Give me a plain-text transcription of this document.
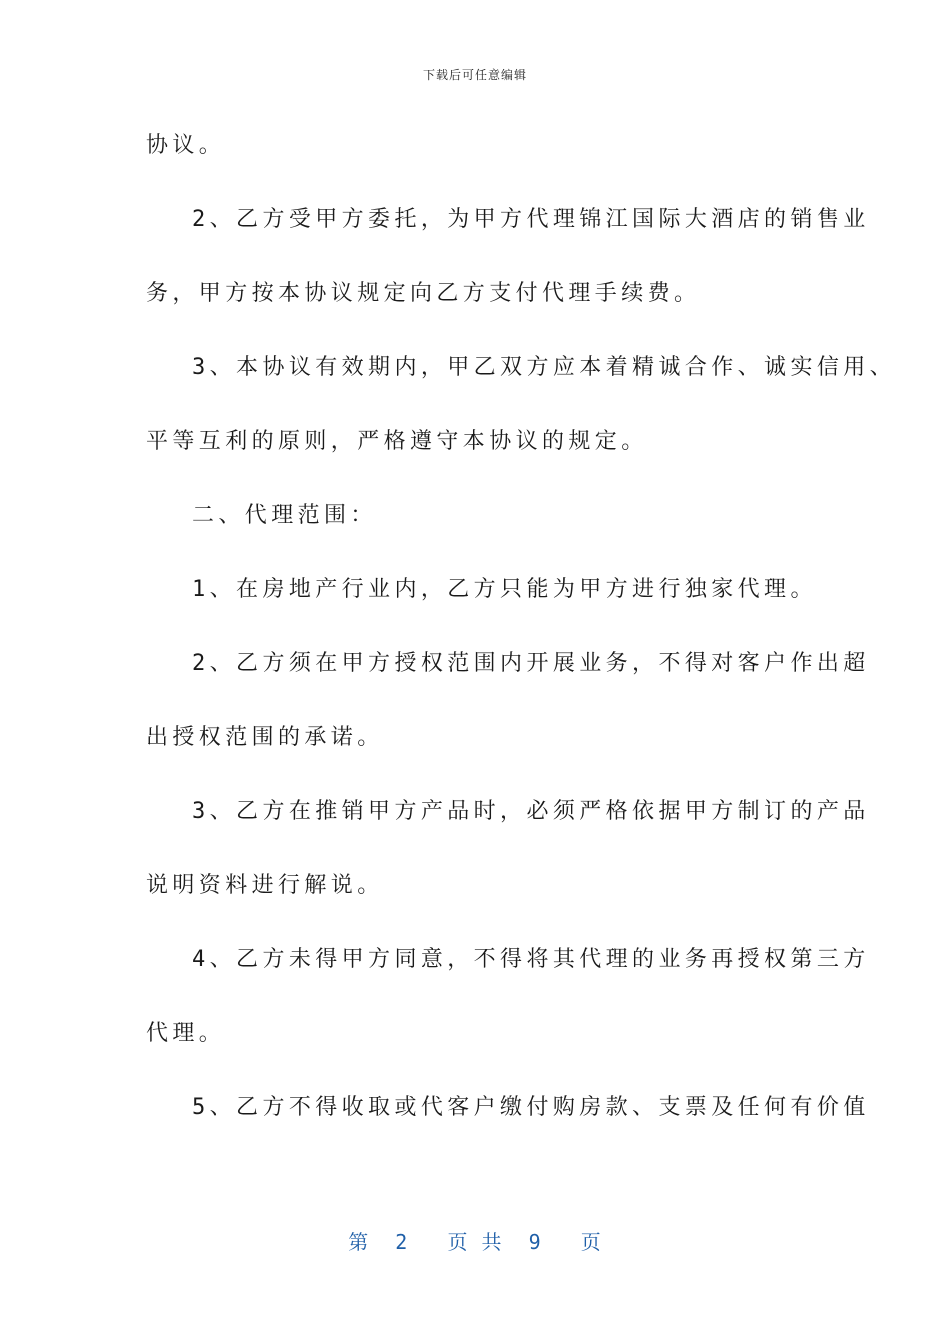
下载后可任意编辑
协议。
2、乙方受甲方委托，为甲方代理锦江国际大酒店的销售业
务，甲方按本协议规定向乙方支付代理手续费。
3、本协议有效期内，甲乙双方应本着精诚合作、诚实信用、
平等互利的原则，严格遵守本协议的规定。
二、代理范围：
1、在房地产行业内，乙方只能为甲方进行独家代理。
2、乙方须在甲方授权范围内开展业务，不得对客户作出超
出授权范围的承诺。
3、乙方在推销甲方产品时，必须严格依据甲方制订的产品
说明资料进行解说。
4、乙方未得甲方同意，不得将其代理的业务再授权第三方
代理。
5、乙方不得收取或代客户缴付购房款、支票及任何有价值
第  2   页 共  9   页
